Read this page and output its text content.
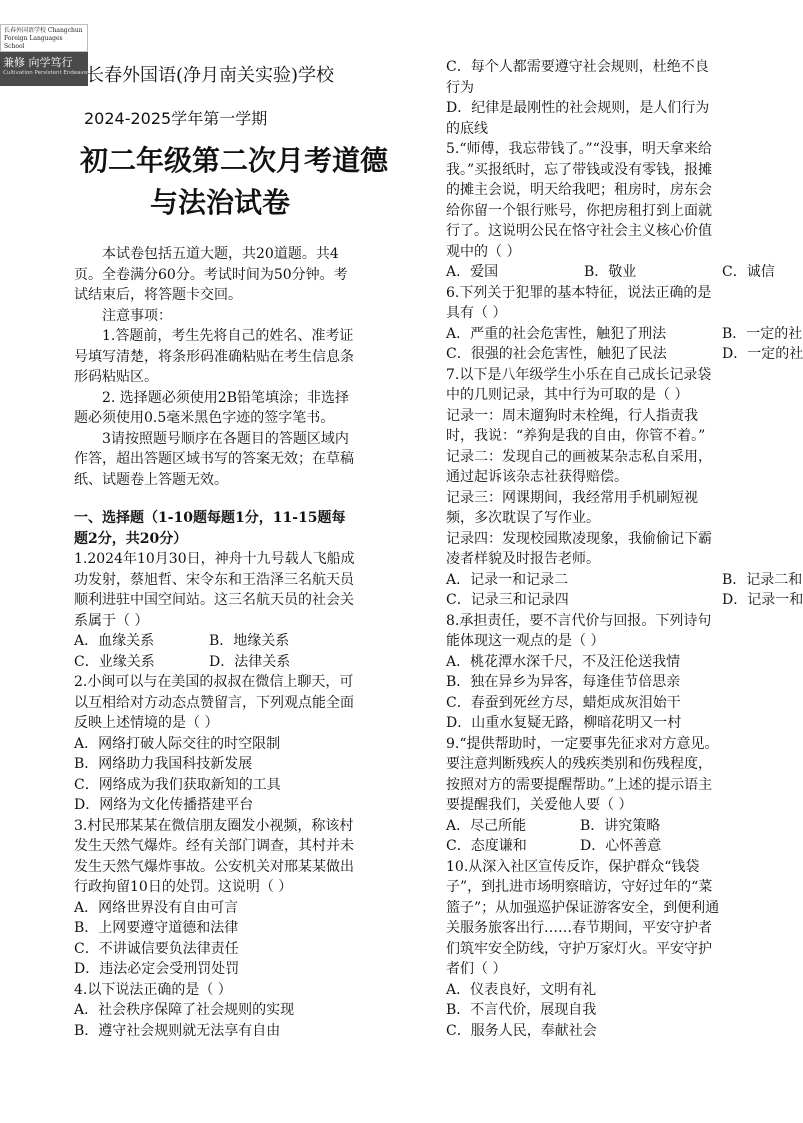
长春外国语学校 Changchun Foreign Languages School
兼修 向学笃行
Cultivation Persistent Endeavor
长春外国语(净月南关实验)学校
2024-2025学年第一学期
初二年级第二次月考道德
与法治试卷

本试卷包括五道大题，共20道题。共4页。全卷满分60分。考试时间为50分钟。考试结束后，将答题卡交回。

注意事项：

1.答题前，考生先将自己的姓名、准考证号填写清楚，将条形码准确粘贴在考生信息条形码粘贴区。

2. 选择题必须使用2B铅笔填涂；非选择题必须使用0.5毫米黑色字迹的签字笔书。

3请按照题号顺序在各题目的答题区域内作答，超出答题区域书写的答案无效；在草稿纸、试题卷上答题无效。

一、选择题（1-10题每题1分，11-15题每题2分，共20分）

1.2024年10月30日，神舟十九号载人飞船成功发射，蔡旭哲、宋令东和王浩泽三名航天员顺利进驻中国空间站。这三名航天员的社会关系属于（ ）

A．血缘关系	B．地缘关系
C．业缘关系	D．法律关系

2.小闽可以与在美国的叔叔在微信上聊天，可以互相给对方动态点赞留言，下列观点能全面反映上述情境的是（ ）

A．网络打破人际交往的时空限制

B．网络助力我国科技新发展

C．网络成为我们获取新知的工具

D．网络为文化传播搭建平台

3.村民邢某某在微信朋友圈发小视频，称该村发生天然气爆炸。经有关部门调查，其村并未发生天然气爆炸事故。公安机关对邢某某做出行政拘留10日的处罚。这说明（ ）

A．网络世界没有自由可言

B．上网要遵守道德和法律

C．不讲诚信要负法律责任

D．违法必定会受刑罚处罚

4.以下说法正确的是（ ）

A．社会秩序保障了社会规则的实现

B．遵守社会规则就无法享有自由

C．每个人都需要遵守社会规则，杜绝不良行为

D．纪律是最刚性的社会规则，是人们行为的底线

5.“师傅，我忘带钱了。”“没事，明天拿来给我。”买报纸时，忘了带钱或没有零钱，报摊的摊主会说，明天给我吧；租房时，房东会给你留一个银行账号，你把房租打到上面就行了。这说明公民在恪守社会主义核心价值观中的（ ）

A．爱国	B．敬业	C．诚信

6.下列关于犯罪的基本特征，说法正确的是具有（ ）

A．严重的社会危害性，触犯了刑法	B．一定的社
C．很强的社会危害性，触犯了民法	D．一定的社

7.以下是八年级学生小乐在自己成长记录袋中的几则记录，其中行为可取的是（ ）

记录一：周末遛狗时未栓绳，行人指责我时，我说：“养狗是我的自由，你管不着。”

记录二：发现自己的画被某杂志私自采用，通过起诉该杂志社获得赔偿。

记录三：网课期间，我经常用手机刷短视频，多次耽误了写作业。

记录四：发现校园欺凌现象，我偷偷记下霸凌者样貌及时报告老师。

A．记录一和记录二	B．记录二和
C．记录三和记录四	D．记录一和

8.承担责任，要不言代价与回报。下列诗句能体现这一观点的是（ ）

A．桃花潭水深千尺，不及汪伦送我情

B．独在异乡为异客，每逢佳节倍思亲

C．春蚕到死丝方尽，蜡炬成灰泪始干

D．山重水复疑无路，柳暗花明又一村

9.“提供帮助时，一定要事先征求对方意见。要注意判断残疾人的残疾类别和伤残程度，按照对方的需要提醒帮助。”上述的提示语主要提醒我们，关爱他人要（ ）

A．尽己所能	B．讲究策略
C．态度谦和	D．心怀善意

10.从深入社区宣传反诈，保护群众“钱袋子”，到扎进市场明察暗访，守好过年的“菜篮子”；从加强巡护保证游客安全，到便利通关服务旅客出行……春节期间，平安守护者们筑牢安全防线，守护万家灯火。平安守护者们（ ）

A．仪表良好，文明有礼

B．不言代价，展现自我

C．服务人民，奉献社会
